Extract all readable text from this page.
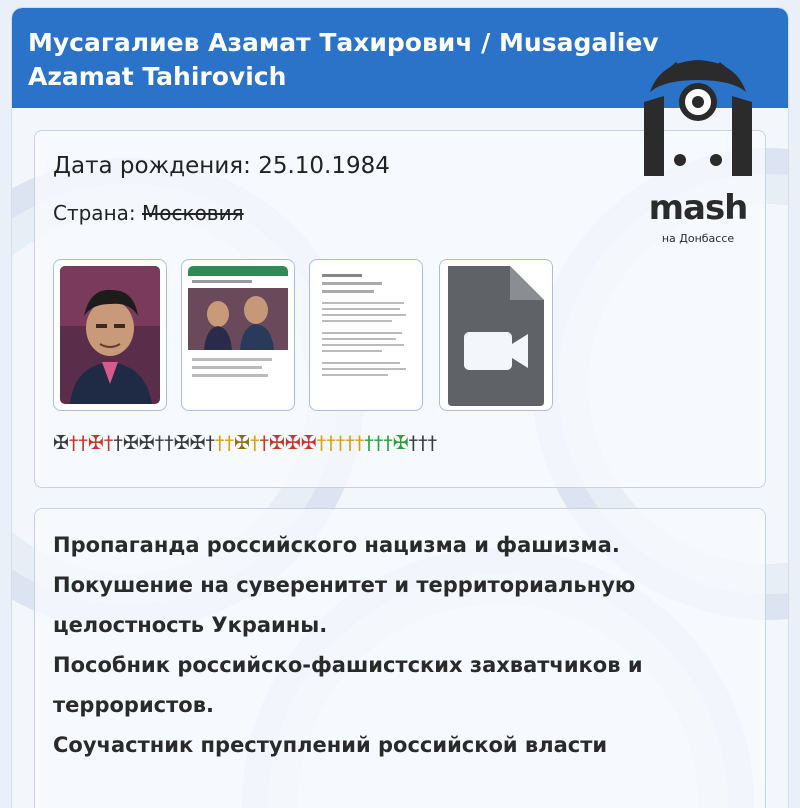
Мусагалиев Азамат Тахирович / Musagaliev Azamat Tahirovich
Дата рождения: 25.10.1984
Страна: Московия
✠††✠††✠✠††✠✠†††✠††✠✠✠††††††††✠†††
Пропаганда российского нацизма и фашизма.
Покушение на суверенитет и территориальную
целостность Украины.
Пособник российско-фашистских захватчиков и
террористов.
Соучастник преступлений российской власти
mash
на Донбассе
